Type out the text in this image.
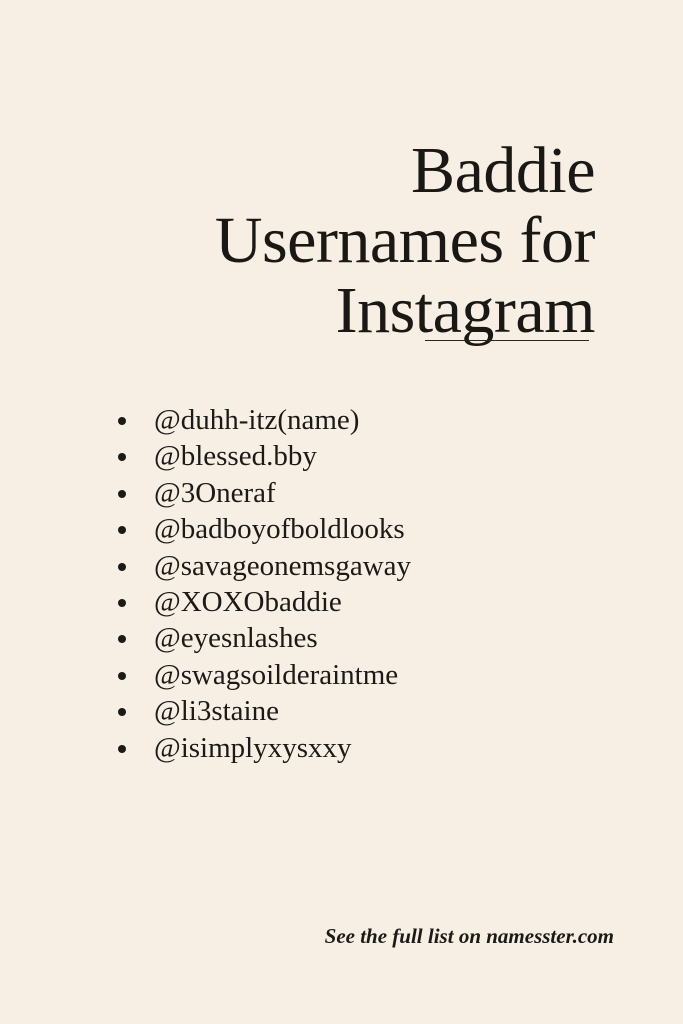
Baddie
Usernames for
Instagram
@duhh-itz(name)
@blessed.bby
@3Oneraf
@badboyofboldlooks
@savageonemsgaway
@XOXObaddie
@eyesnlashes
@swagsoilderaintme
@li3staine
@isimplyxysxxy
See the full list on namesster.com
